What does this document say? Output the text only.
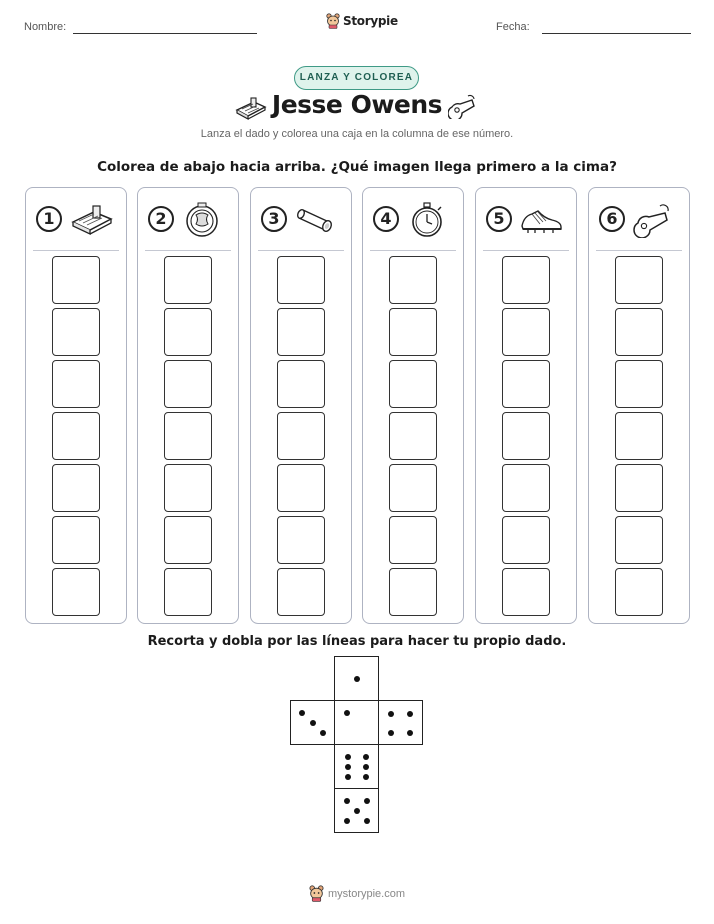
Nombre:	Fecha:
Storypie
LANZA Y COLOREA
Jesse Owens
Lanza el dado y colorea una caja en la columna de ese número.
Colorea de abajo hacia arriba. ¿Qué imagen llega primero a la cima?
1	2	3	4	5	6
Recorta y dobla por las líneas para hacer tu propio dado.
mystorypie.com
